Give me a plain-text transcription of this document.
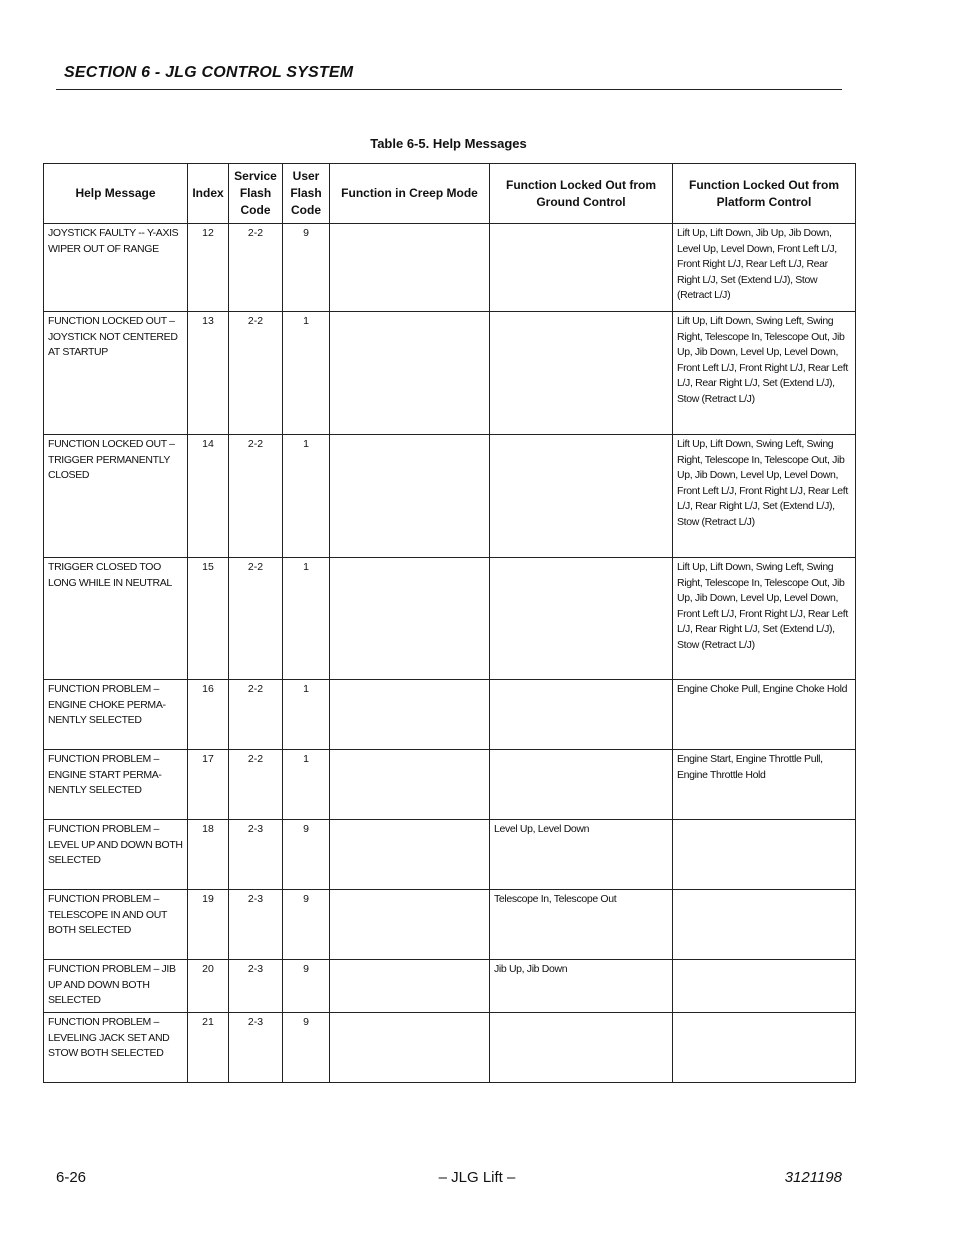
SECTION 6 - JLG CONTROL SYSTEM
Table 6-5. Help Messages
Help Message	Index	Service Flash Code	User Flash Code	Function in Creep Mode	Function Locked Out from Ground Control	Function Locked Out from Platform Control
JOYSTICK FAULTY -- Y-AXIS WIPER OUT OF RANGE	12	2-2	9			Lift Up, Lift Down, Jib Up, Jib Down, Level Up, Level Down, Front Left L/J, Front Right L/J, Rear Left L/J, Rear Right L/J, Set (Extend L/J), Stow (Retract L/J)
FUNCTION LOCKED OUT – JOYSTICK NOT CENTERED AT STARTUP	13	2-2	1			Lift Up, Lift Down, Swing Left, Swing Right, Telescope In, Telescope Out, Jib Up, Jib Down, Level Up, Level Down, Front Left L/J, Front Right L/J, Rear Left L/J, Rear Right L/J, Set (Extend L/J), Stow (Retract L/J)
FUNCTION LOCKED OUT – TRIGGER PERMANENTLY CLOSED	14	2-2	1			Lift Up, Lift Down, Swing Left, Swing Right, Telescope In, Telescope Out, Jib Up, Jib Down, Level Up, Level Down, Front Left L/J, Front Right L/J, Rear Left L/J, Rear Right L/J, Set (Extend L/J), Stow (Retract L/J)
TRIGGER CLOSED TOO LONG WHILE IN NEUTRAL	15	2-2	1			Lift Up, Lift Down, Swing Left, Swing Right, Telescope In, Telescope Out, Jib Up, Jib Down, Level Up, Level Down, Front Left L/J, Front Right L/J, Rear Left L/J, Rear Right L/J, Set (Extend L/J), Stow (Retract L/J)
FUNCTION PROBLEM – ENGINE CHOKE PERMA-NENTLY SELECTED	16	2-2	1			Engine Choke Pull, Engine Choke Hold
FUNCTION PROBLEM – ENGINE START PERMA-NENTLY SELECTED	17	2-2	1			Engine Start, Engine Throttle Pull, Engine Throttle Hold
FUNCTION PROBLEM – LEVEL UP AND DOWN BOTH SELECTED	18	2-3	9		Level Up, Level Down	
FUNCTION PROBLEM – TELESCOPE IN AND OUT BOTH SELECTED	19	2-3	9		Telescope In, Telescope Out	
FUNCTION PROBLEM – JIB UP AND DOWN BOTH SELECTED	20	2-3	9		Jib Up, Jib Down	
FUNCTION PROBLEM – LEVELING JACK SET AND STOW BOTH SELECTED	21	2-3	9			
6-26	– JLG Lift –	3121198
